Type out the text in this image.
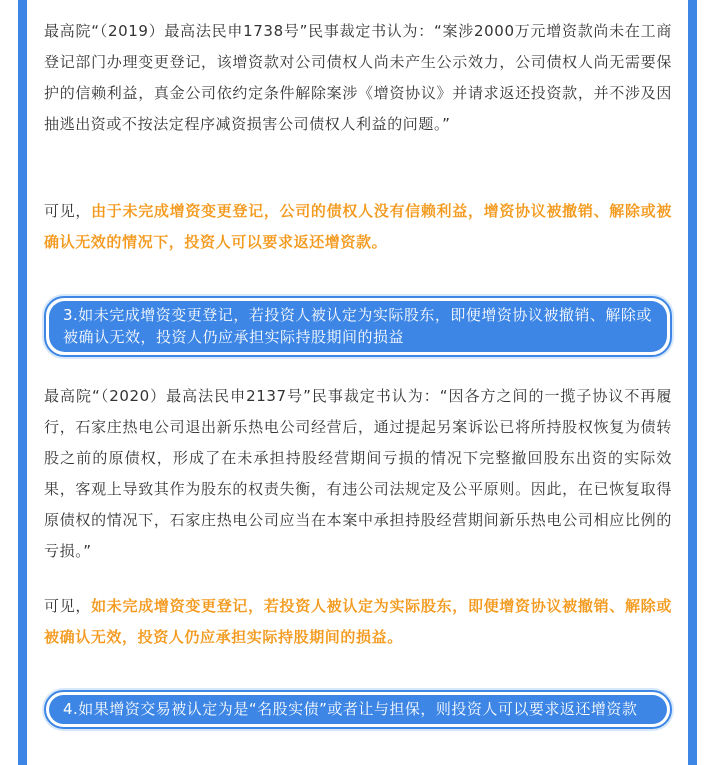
最高院“（2019）最高法民申1738号”民事裁定书认为：“案涉2000万元增资款尚未在工商登记部门办理变更登记，该增资款对公司债权人尚未产生公示效力，公司债权人尚无需要保护的信赖利益，真金公司依约定条件解除案涉《增资协议》并请求返还投资款，并不涉及因抽逃出资或不按法定程序减资损害公司债权人利益的问题。”

可见，由于未完成增资变更登记，公司的债权人没有信赖利益，增资协议被撤销、解除或被确认无效的情况下，投资人可以要求返还增资款。

3.如未完成增资变更登记，若投资人被认定为实际股东，即便增资协议被撤销、解除或被确认无效，投资人仍应承担实际持股期间的损益

最高院“（2020）最高法民申2137号”民事裁定书认为：“因各方之间的一揽子协议不再履行，石家庄热电公司退出新乐热电公司经营后，通过提起另案诉讼已将所持股权恢复为债转股之前的原债权，形成了在未承担持股经营期间亏损的情况下完整撤回股东出资的实际效果，客观上导致其作为股东的权责失衡，有违公司法规定及公平原则。因此，在已恢复取得原债权的情况下，石家庄热电公司应当在本案中承担持股经营期间新乐热电公司相应比例的亏损。”

可见，如未完成增资变更登记，若投资人被认定为实际股东，即便增资协议被撤销、解除或被确认无效，投资人仍应承担实际持股期间的损益。

4.如果增资交易被认定为是“名股实债”或者让与担保，则投资人可以要求返还增资款
